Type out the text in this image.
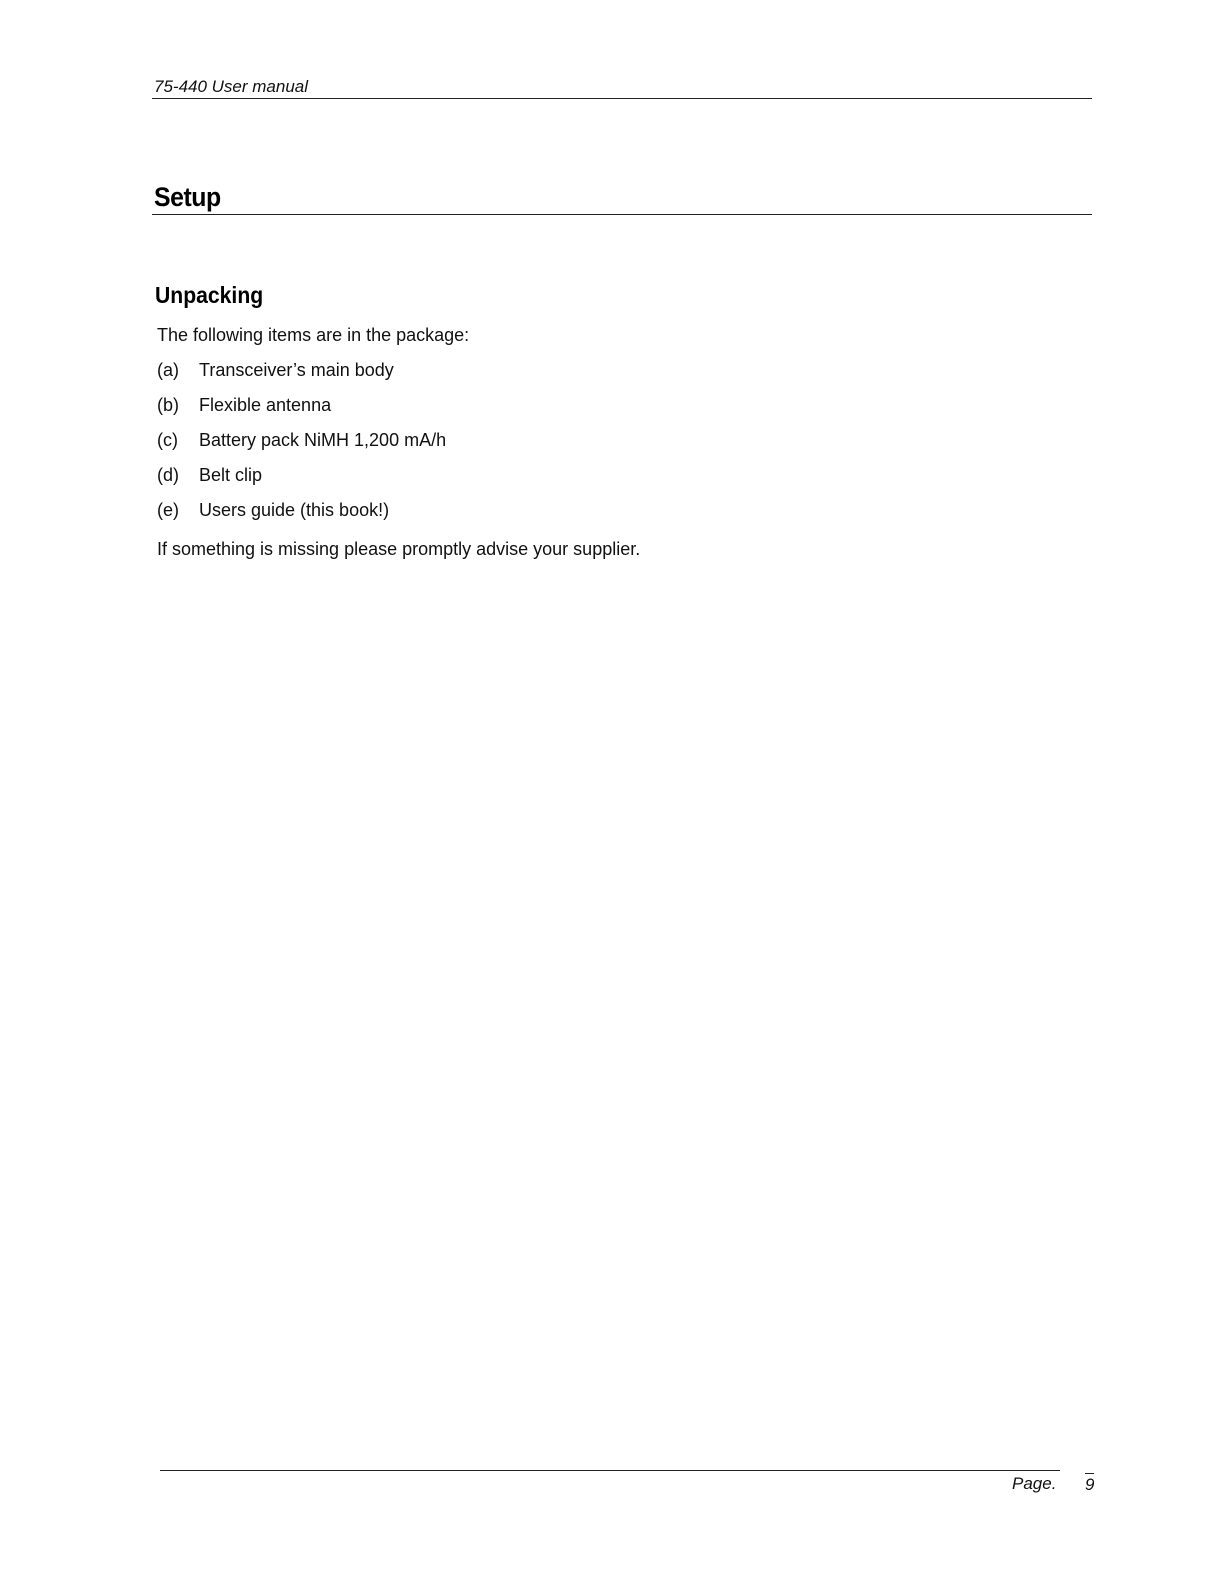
75-440 User manual
Setup
Unpacking
The following items are in the package:
(a)	Transceiver’s main body
(b)	Flexible antenna
(c)	Battery pack NiMH 1,200 mA/h
(d)	Belt clip
(e)	Users guide (this book!)
If something is missing please promptly advise your supplier.
Page. 9
